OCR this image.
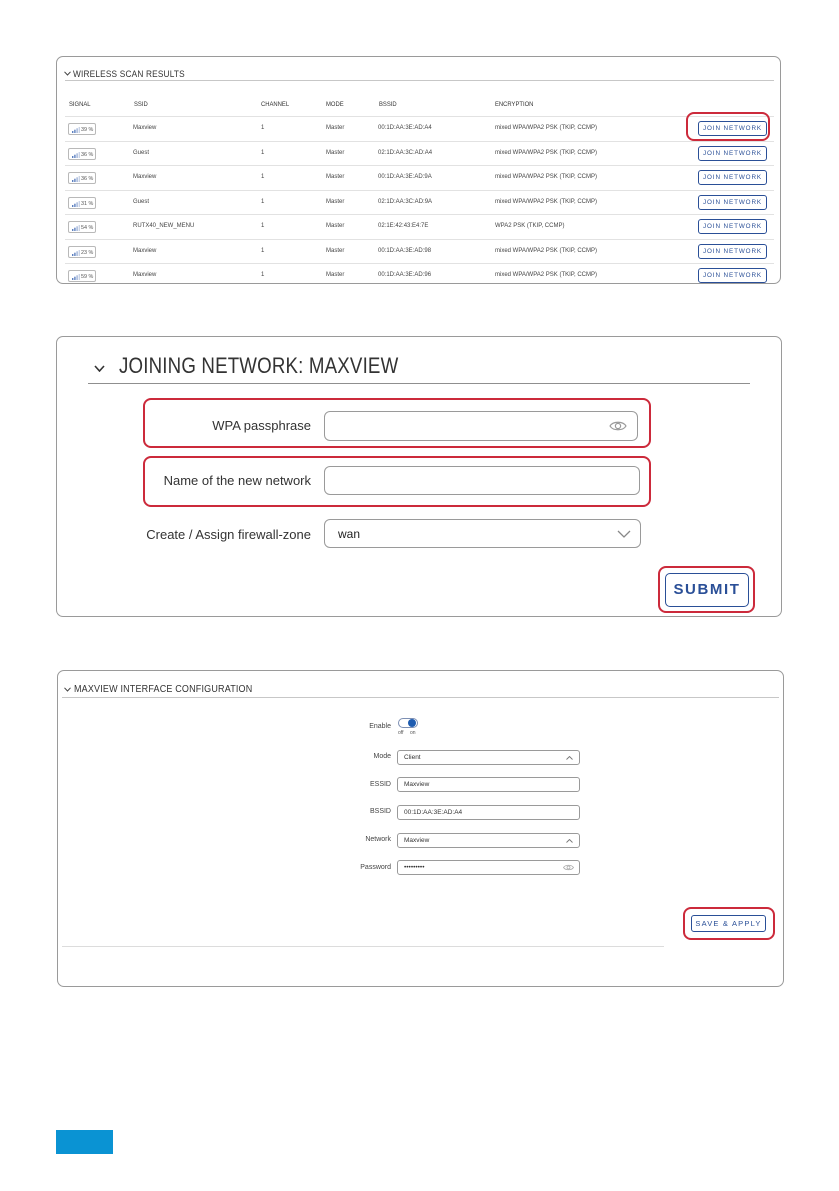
WIRELESS SCAN RESULTS
SIGNAL	SSID	CHANNEL	MODE	BSSID	ENCRYPTION
39 %	Maxview	1	Master	00:1D:AA:3E:AD:A4	mixed WPA/WPA2 PSK (TKIP, CCMP)	JOIN NETWORK
36 %	Guest	1	Master	02:1D:AA:3C:AD:A4	mixed WPA/WPA2 PSK (TKIP, CCMP)	JOIN NETWORK
36 %	Maxview	1	Master	00:1D:AA:3E:AD:9A	mixed WPA/WPA2 PSK (TKIP, CCMP)	JOIN NETWORK
31 %	Guest	1	Master	02:1D:AA:3C:AD:9A	mixed WPA/WPA2 PSK (TKIP, CCMP)	JOIN NETWORK
54 %	RUTX40_NEW_MENU	1	Master	02:1E:42:43:E4:7E	WPA2 PSK (TKIP, CCMP)	JOIN NETWORK
23 %	Maxview	1	Master	00:1D:AA:3E:AD:98	mixed WPA/WPA2 PSK (TKIP, CCMP)	JOIN NETWORK
59 %	Maxview	1	Master	00:1D:AA:3E:AD:96	mixed WPA/WPA2 PSK (TKIP, CCMP)	JOIN NETWORK
JOINING NETWORK: MAXVIEW
WPA passphrase
Name of the new network
Create / Assign firewall-zone wan
SUBMIT
MAXVIEW INTERFACE CONFIGURATION
Enable
off on
Mode	Client
ESSID	Maxview
BSSID	00:1D:AA:3E:AD:A4
Network	Maxview
Password	•••••••••
SAVE & APPLY
